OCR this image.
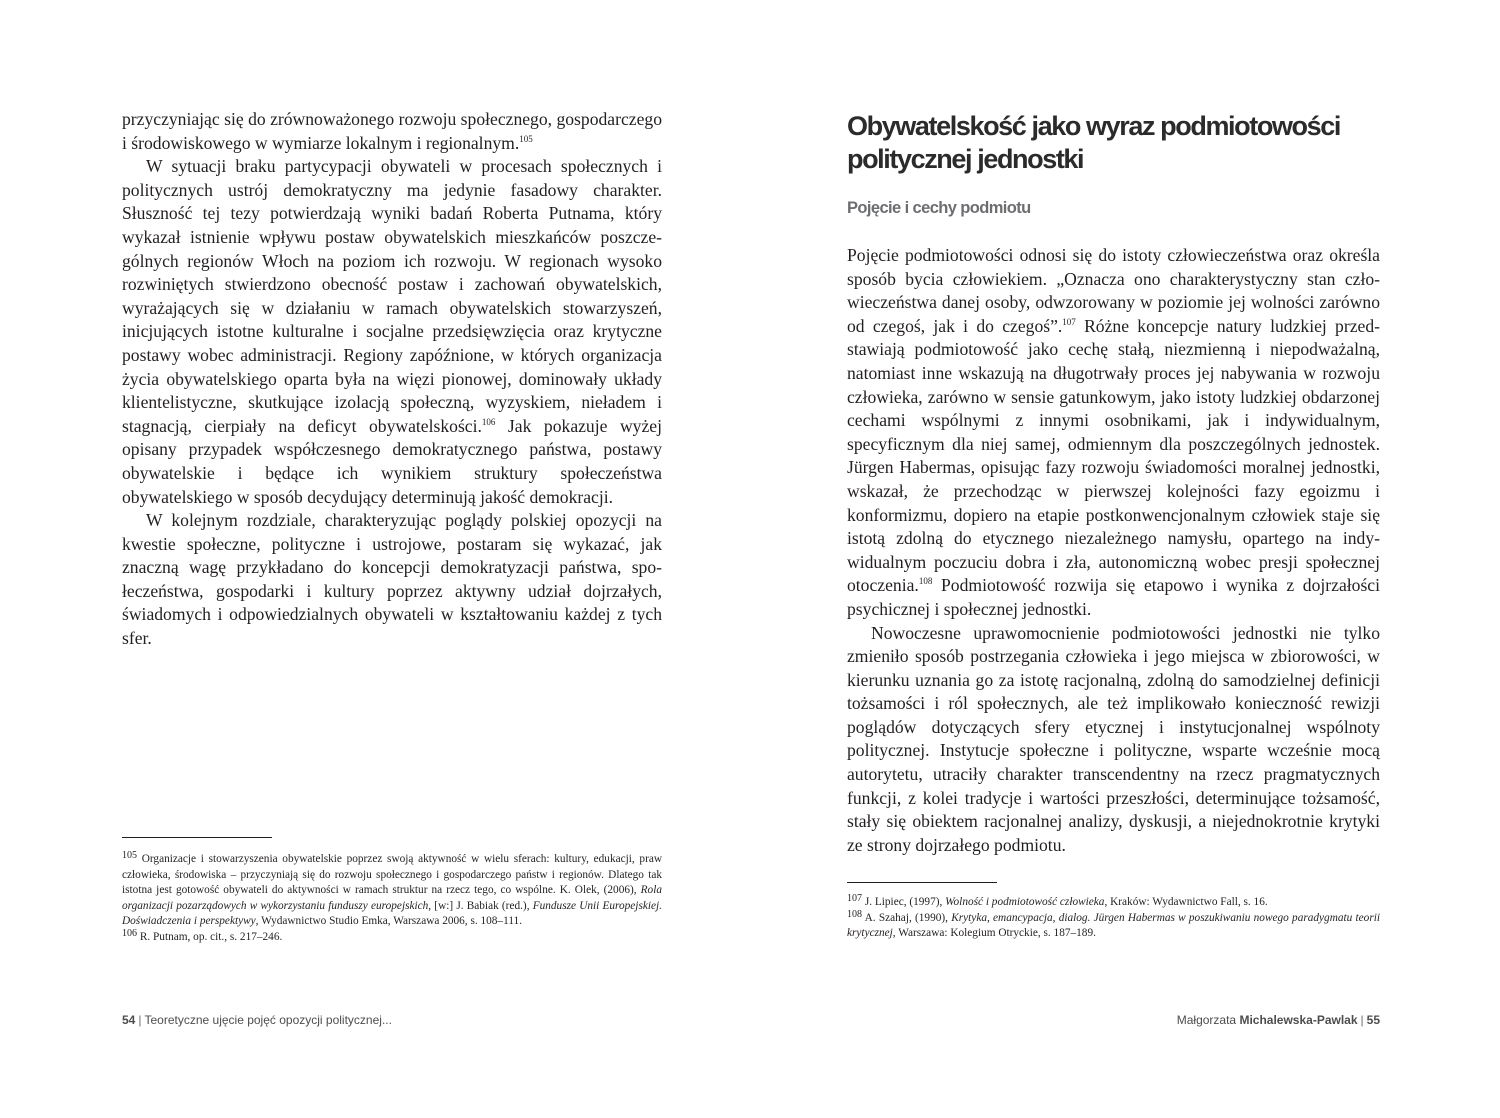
przyczyniając się do zrównoważonego rozwoju społecznego, gospodarczego i środowiskowego w wymiarze lokalnym i regionalnym.$^{105}$

W sytuacji braku partycypacji obywateli w procesach społecznych i politycznych ustrój demokratyczny ma jedynie fasadowy charakter. Słuszność tej tezy potwierdzają wyniki badań Roberta Putnama, który wykazał istnienie wpływu postaw obywatelskich mieszkańców poszczególnych regionów Włoch na poziom ich rozwoju. W regionach wysoko rozwiniętych stwierdzono obecność postaw i zachowań obywatelskich, wyrażających się w działaniu w ramach obywatelskich stowarzyszeń, inicjujących istotne kulturalne i socjalne przedsięwzięcia oraz krytyczne postawy wobec administracji. Regiony zapóźnione, w których organizacja życia obywatelskiego oparta była na więzi pionowej, dominowały układy klientelistyczne, skutkujące izolacją społeczną, wyzyskiem, nieładem i stagnacją, cierpiały na deficyt obywatelskości.$^{106}$ Jak pokazuje wyżej opisany przypadek współczesnego demokratycznego państwa, postawy obywatelskie i będące ich wynikiem struktury społeczeństwa obywatelskiego w sposób decydujący determinują jakość demokracji.

W kolejnym rozdziale, charakteryzując poglądy polskiej opozycji na kwestie społeczne, polityczne i ustrojowe, postaram się wykazać, jak znaczną wagę przykładano do koncepcji demokratyzacji państwa, społeczeństwa, gospodarki i kultury poprzez aktywny udział dojrzałych, świadomych i odpowiedzialnych obywateli w kształtowaniu każdej z tych sfer.

105 Organizacje i stowarzyszenia obywatelskie poprzez swoją aktywność w wielu sferach: kultury, edukacji, praw człowieka, środowiska – przyczyniają się do rozwoju społecznego i gospodarczego państw i regionów. Dlatego tak istotna jest gotowość obywateli do aktywności w ramach struktur na rzecz tego, co wspólne. K. Olek, (2006), Rola organizacji pozarządowych w wykorzystaniu funduszy europejskich, [w:] J. Babiak (red.), Fundusze Unii Europejskiej. Doświadczenia i perspektywy, Wydawnictwo Studio Emka, Warszawa 2006, s. 108–111.

106 R. Putnam, op. cit., s. 217–246.

54 | Teoretyczne ujęcie pojęć opozycji politycznej...
Obywatelskość jako wyraz podmiotowości
politycznej jednostki
Pojęcie i cechy podmiotu

Pojęcie podmiotowości odnosi się do istoty człowieczeństwa oraz określa sposób bycia człowiekiem. „Oznacza ono charakterystyczny stan człowieczeństwa danej osoby, odwzorowany w poziomie jej wolności zarówno od czegoś, jak i do czegoś”.$^{107}$ Różne koncepcje natury ludzkiej przedstawiają podmiotowość jako cechę stałą, niezmienną i niepodważalną, natomiast inne wskazują na długotrwały proces jej nabywania w rozwoju człowieka, zarówno w sensie gatunkowym, jako istoty ludzkiej obdarzonej cechami wspólnymi z innymi osobnikami, jak i indywidualnym, specyficznym dla niej samej, odmiennym dla poszczególnych jednostek. Jürgen Habermas, opisując fazy rozwoju świadomości moralnej jednostki, wskazał, że przechodząc w pierwszej kolejności fazy egoizmu i konformizmu, dopiero na etapie postkonwencjonalnym człowiek staje się istotą zdolną do etycznego niezależnego namysłu, opartego na indywidualnym poczuciu dobra i zła, autonomiczną wobec presji społecznej otoczenia.$^{108}$ Podmiotowość rozwija się etapowo i wynika z dojrzałości psychicznej i społecznej jednostki.

Nowoczesne uprawomocnienie podmiotowości jednostki nie tylko zmieniło sposób postrzegania człowieka i jego miejsca w zbiorowości, w kierunku uznania go za istotę racjonalną, zdolną do samodzielnej definicji tożsamości i ról społecznych, ale też implikowało konieczność rewizji poglądów dotyczących sfery etycznej i instytucjonalnej wspólnoty politycznej. Instytucje społeczne i polityczne, wsparte wcześnie mocą autorytetu, utraciły charakter transcendentny na rzecz pragmatycznych funkcji, z kolei tradycje i wartości przeszłości, determinujące tożsamość, stały się obiektem racjonalnej analizy, dyskusji, a niejednokrotnie krytyki ze strony dojrzałego podmiotu.

107 J. Lipiec, (1997), Wolność i podmiotowość człowieka, Kraków: Wydawnictwo Fall, s. 16.

108 A. Szahaj, (1990), Krytyka, emancypacja, dialog. Jürgen Habermas w poszukiwaniu nowego paradygmatu teorii krytycznej, Warszawa: Kolegium Otryckie, s. 187–189.

Małgorzata Michalewska-Pawlak | 55
